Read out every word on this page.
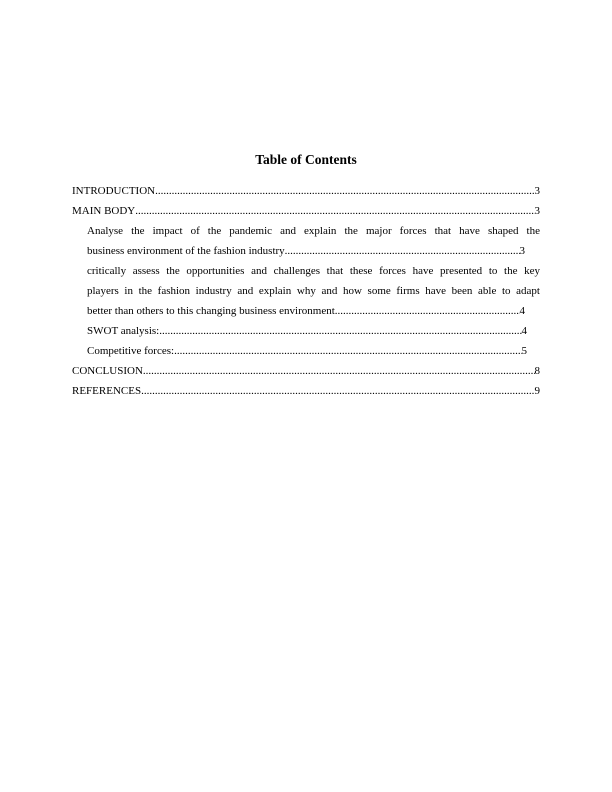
Table of Contents
INTRODUCTION .....	3
MAIN BODY .....	3
Analyse the impact of the pandemic and explain the major forces that have shaped the
business environment of the fashion industry .....	3
critically assess the opportunities and challenges that these forces have presented to the key
players in the fashion industry and explain why and how some firms have been able to adapt
better than others to this changing business environment .....	4
SWOT analysis: .....	4
Competitive forces: .....	5
CONCLUSION .....	8
REFERENCES .....	9
